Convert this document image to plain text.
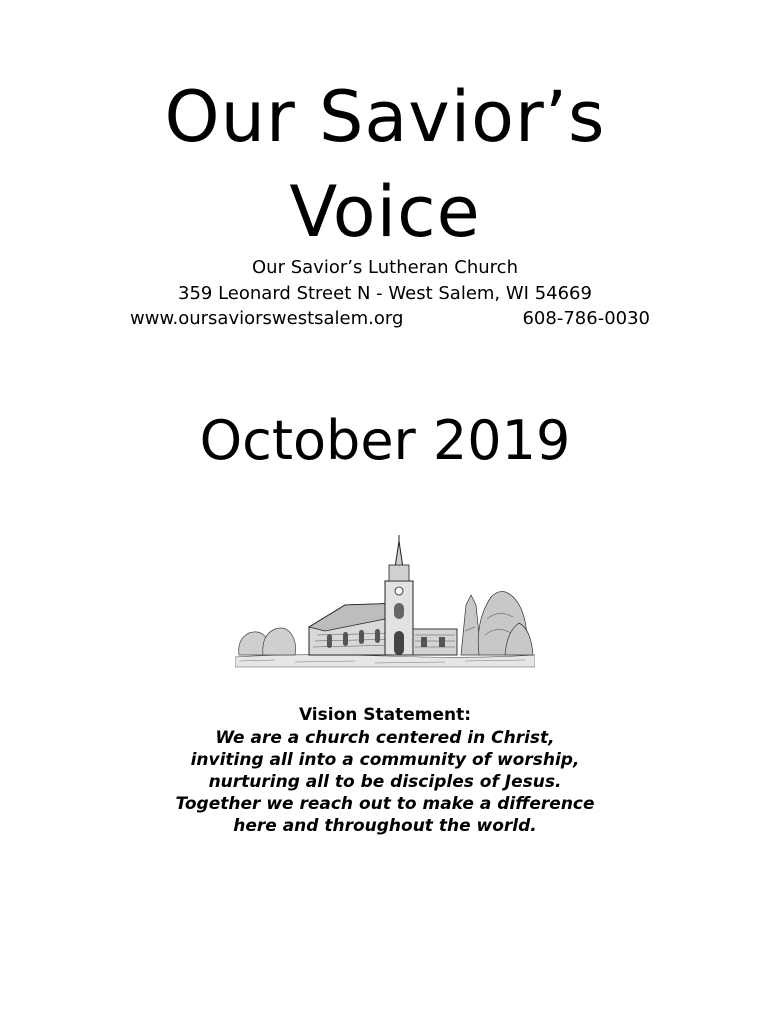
Our Savior’s
Voice
Our Savior’s Lutheran Church
359 Leonard Street N - West Salem, WI 54669
www.oursaviorswestsalem.org	608-786-0030
October 2019
Vision Statement:
We are a church centered in Christ,
inviting all into a community of worship,
nurturing all to be disciples of Jesus.
Together we reach out to make a difference
here and throughout the world.
